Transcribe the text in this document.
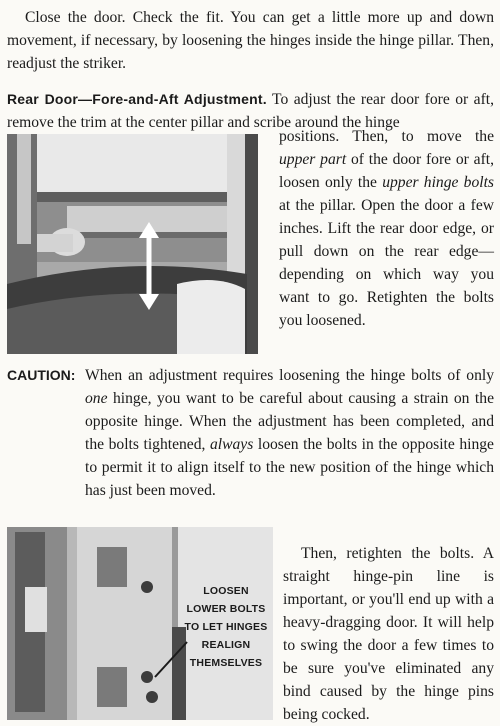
Close the door. Check the fit. You can get a little more up and down movement, if necessary, by loosening the hinges inside the hinge pillar. Then, readjust the striker.

Rear Door—Fore-and-Aft Adjustment. To adjust the rear door fore or aft, remove the trim at the center pillar and scribe around the hinge

positions. Then, to move the upper part of the door fore or aft, loosen only the upper hinge bolts at the pillar. Open the door a few inches. Lift the rear door edge, or pull down on the rear edge—depending on which way you want to go. Retighten the bolts you loosened.

CAUTION: When an adjustment requires loosening the hinge bolts of only one hinge, you want to be careful about causing a strain on the opposite hinge. When the adjustment has been completed, and the bolts tightened, always loosen the bolts in the opposite hinge to permit it to align itself to the new position of the hinge which has just been moved.

LOOSEN
LOWER BOLTS
TO LET HINGES
REALIGN
THEMSELVES

Then, retighten the bolts. A straight hinge-pin line is important, or you'll end up with a heavy-dragging door. It will help to swing the door a few times to be sure you've eliminated any bind caused by the hinge pins being cocked.
